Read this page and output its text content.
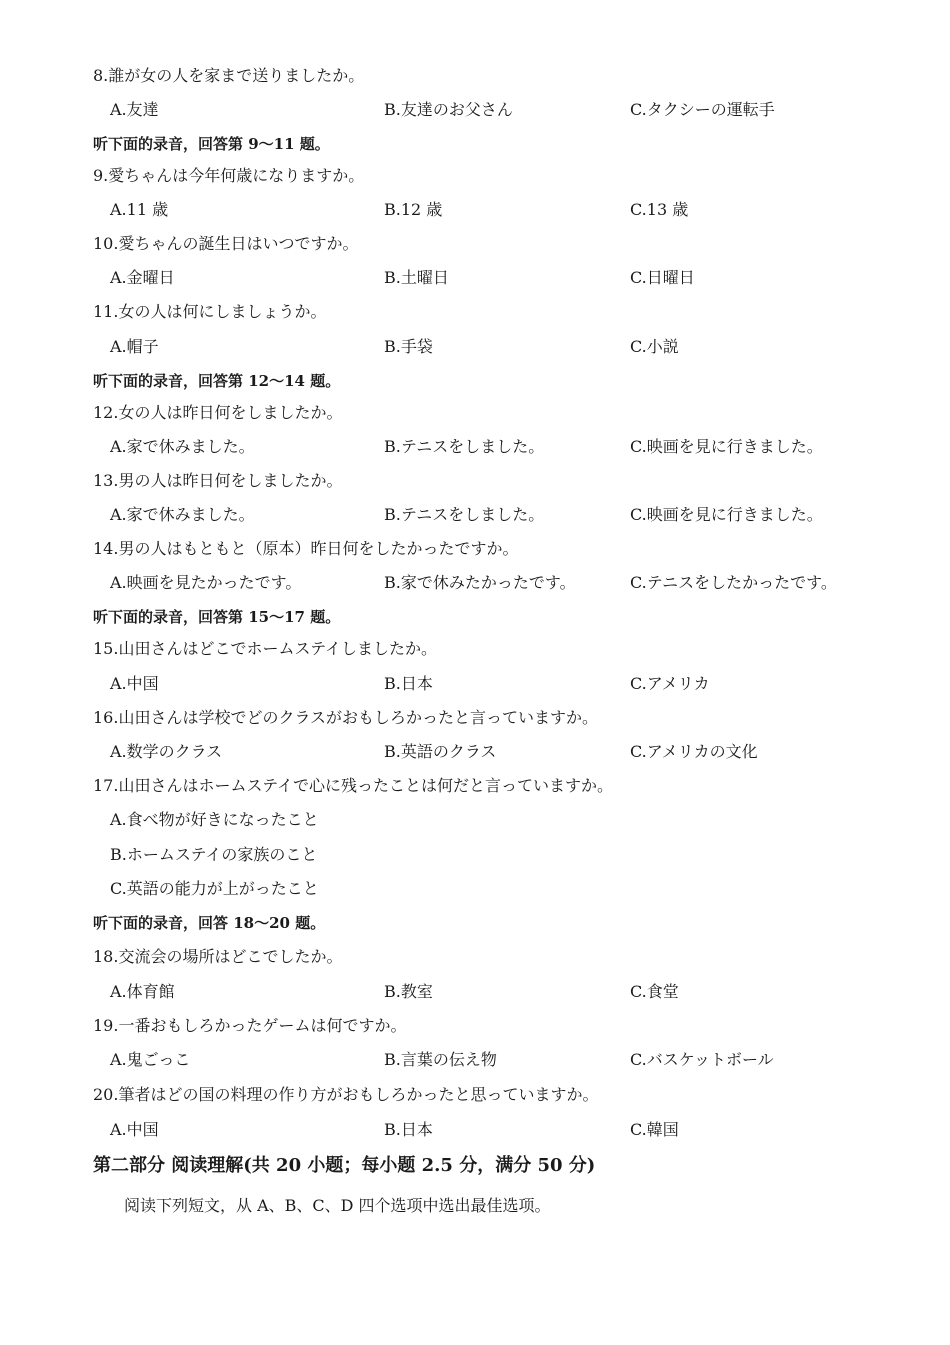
8.誰が女の人を家まで送りましたか。
A.友達	B.友達のお父さん	C.タクシーの運転手
听下面的录音，回答第 9～11 题。
9.愛ちゃんは今年何歳になりますか。
A.11 歳	B.12 歳	C.13 歳
10.愛ちゃんの誕生日はいつですか。
A.金曜日	B.土曜日	C.日曜日
11.女の人は何にしましょうか。
A.帽子	B.手袋	C.小説
听下面的录音，回答第 12～14 题。
12.女の人は昨日何をしましたか。
A.家で休みました。	B.テニスをしました。	C.映画を見に行きました。
13.男の人は昨日何をしましたか。
A.家で休みました。	B.テニスをしました。	C.映画を見に行きました。
14.男の人はもともと（原本）昨日何をしたかったですか。
A.映画を見たかったです。	B.家で休みたかったです。	C.テニスをしたかったです。
听下面的录音，回答第 15～17 题。
15.山田さんはどこでホームステイしましたか。
A.中国	B.日本	C.アメリカ
16.山田さんは学校でどのクラスがおもしろかったと言っていますか。
A.数学のクラス	B.英語のクラス	C.アメリカの文化
17.山田さんはホームステイで心に残ったことは何だと言っていますか。
A.食べ物が好きになったこと
B.ホームステイの家族のこと
C.英語の能力が上がったこと
听下面的录音，回答 18～20 题。
18.交流会の場所はどこでしたか。
A.体育館	B.教室	C.食堂
19.一番おもしろかったゲームは何ですか。
A.鬼ごっこ	B.言葉の伝え物	C.バスケットボール
20.筆者はどの国の料理の作り方がおもしろかったと思っていますか。
A.中国	B.日本	C.韓国
第二部分 阅读理解(共 20 小题；每小题 2.5 分，满分 50 分)
阅读下列短文，从 A、B、C、D 四个选项中选出最佳选项。
